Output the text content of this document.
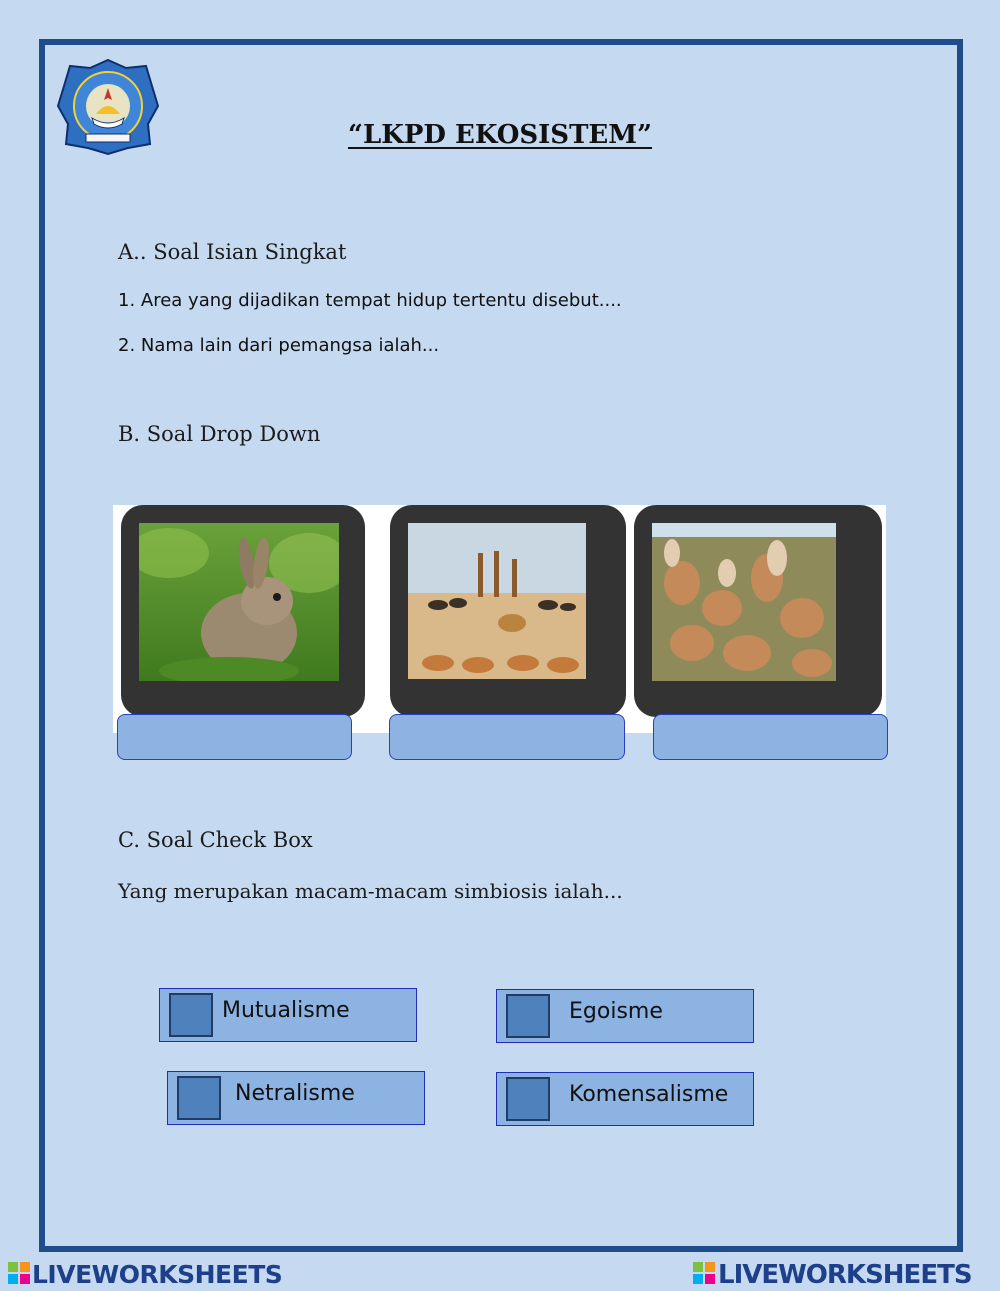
“LKPD EKOSISTEM”
A.. Soal Isian Singkat
1. Area yang dijadikan tempat hidup tertentu disebut....
2. Nama lain dari pemangsa ialah...
B. Soal Drop Down
C. Soal Check Box
Yang merupakan macam-macam simbiosis ialah...
Mutualisme	Egoisme
Netralisme	Komensalisme
LIVEWORKSHEETS	LIVEWORKSHEETS
